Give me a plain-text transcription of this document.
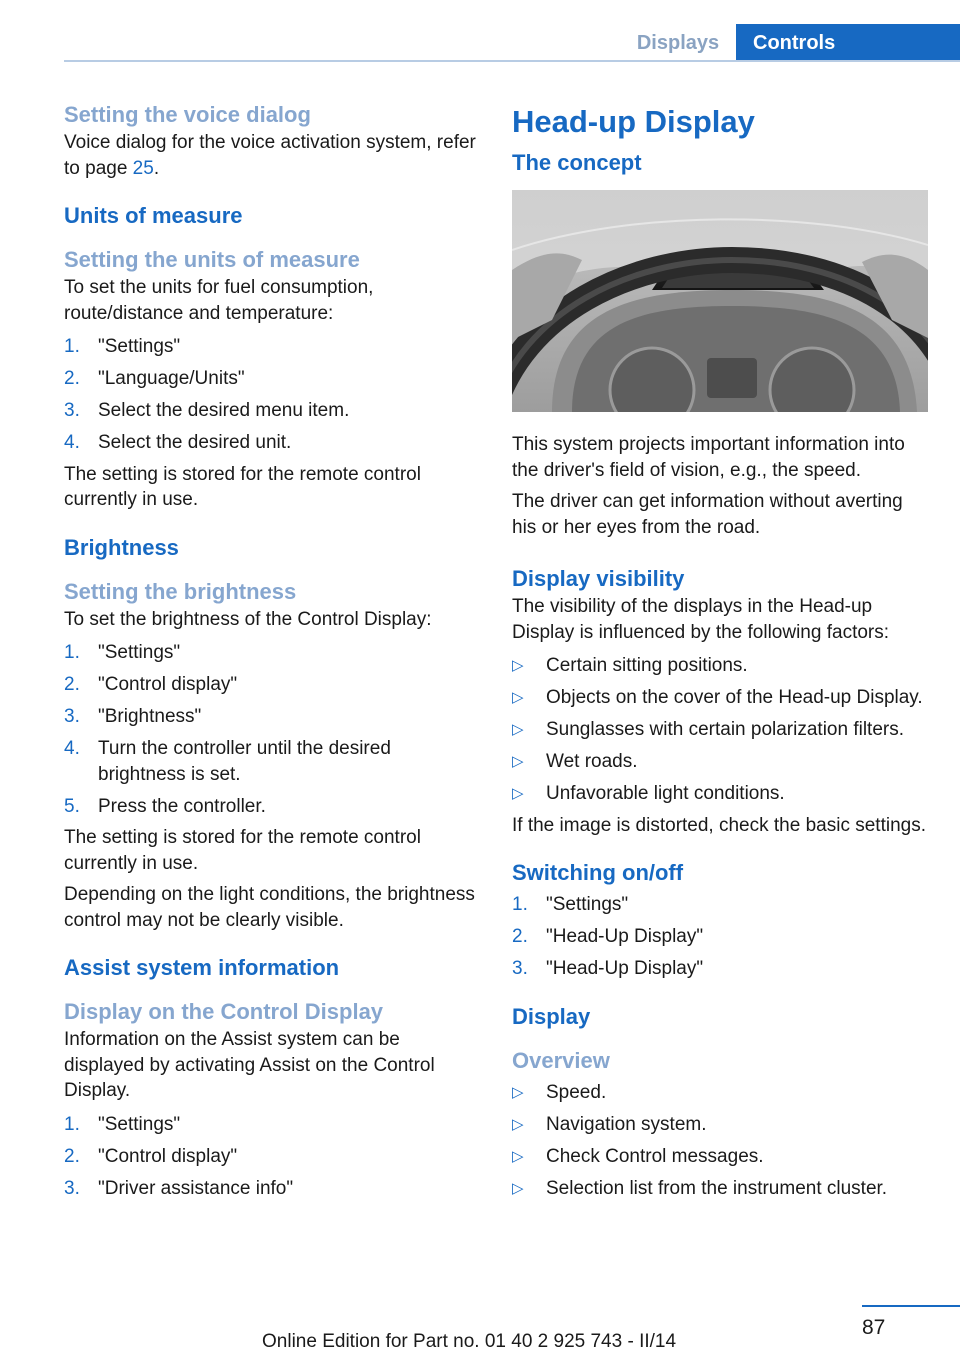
Displays	Controls
Setting the voice dialog
Voice dialog for the voice activation system, refer to page 25.
Units of measure
Setting the units of measure
To set the units for fuel consumption, route/distance and temperature:
1. "Settings"
2. "Language/Units"
3. Select the desired menu item.
4. Select the desired unit.
The setting is stored for the remote control currently in use.
Brightness
Setting the brightness
To set the brightness of the Control Display:
1. "Settings"
2. "Control display"
3. "Brightness"
4. Turn the controller until the desired brightness is set.
5. Press the controller.
The setting is stored for the remote control currently in use.
Depending on the light conditions, the brightness control may not be clearly visible.
Assist system information
Display on the Control Display
Information on the Assist system can be displayed by activating Assist on the Control Display.
1. "Settings"
2. "Control display"
3. "Driver assistance info"
Head-up Display
The concept
This system projects important information into the driver's field of vision, e.g., the speed.
The driver can get information without averting his or her eyes from the road.
Display visibility
The visibility of the displays in the Head-up Display is influenced by the following factors:
▷ Certain sitting positions.
▷ Objects on the cover of the Head-up Display.
▷ Sunglasses with certain polarization filters.
▷ Wet roads.
▷ Unfavorable light conditions.
If the image is distorted, check the basic settings.
Switching on/off
1. "Settings"
2. "Head-Up Display"
3. "Head-Up Display"
Display
Overview
▷ Speed.
▷ Navigation system.
▷ Check Control messages.
▷ Selection list from the instrument cluster.
87
Online Edition for Part no. 01 40 2 925 743 - II/14
